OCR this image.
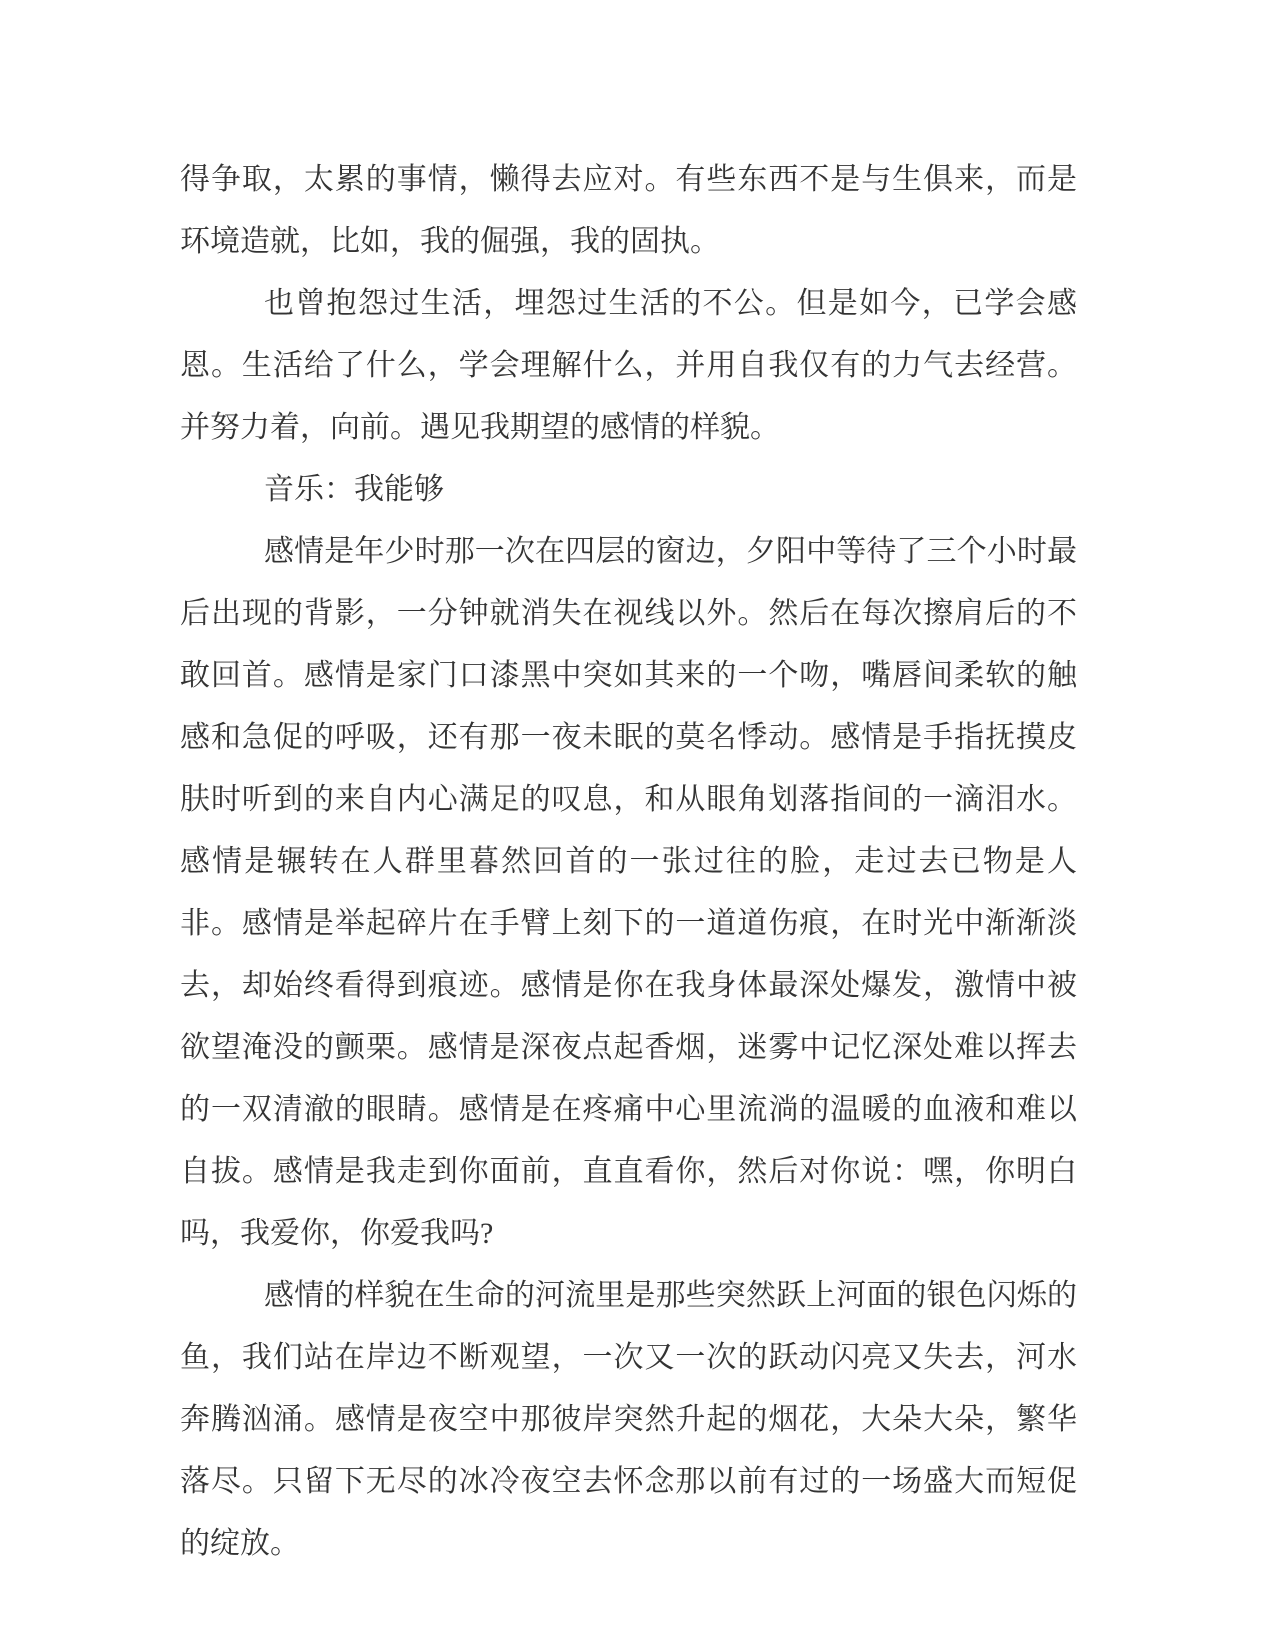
得争取，太累的事情，懒得去应对。有些东西不是与生俱来，而是环境造就，比如，我的倔强，我的固执。

也曾抱怨过生活，埋怨过生活的不公。但是如今，已学会感恩。生活给了什么，学会理解什么，并用自我仅有的力气去经营。并努力着，向前。遇见我期望的感情的样貌。

音乐：我能够

感情是年少时那一次在四层的窗边，夕阳中等待了三个小时最后出现的背影，一分钟就消失在视线以外。然后在每次擦肩后的不敢回首。感情是家门口漆黑中突如其来的一个吻，嘴唇间柔软的触感和急促的呼吸，还有那一夜未眠的莫名悸动。感情是手指抚摸皮肤时听到的来自内心满足的叹息，和从眼角划落指间的一滴泪水。感情是辗转在人群里暮然回首的一张过往的脸，走过去已物是人非。感情是举起碎片在手臂上刻下的一道道伤痕，在时光中渐渐淡去，却始终看得到痕迹。感情是你在我身体最深处爆发，激情中被欲望淹没的颤栗。感情是深夜点起香烟，迷雾中记忆深处难以挥去的一双清澈的眼睛。感情是在疼痛中心里流淌的温暖的血液和难以自拔。感情是我走到你面前，直直看你，然后对你说：嘿，你明白吗，我爱你，你爱我吗?

感情的样貌在生命的河流里是那些突然跃上河面的银色闪烁的鱼，我们站在岸边不断观望，一次又一次的跃动闪亮又失去，河水奔腾汹涌。感情是夜空中那彼岸突然升起的烟花，大朵大朵，繁华落尽。只留下无尽的冰冷夜空去怀念那以前有过的一场盛大而短促的绽放。
